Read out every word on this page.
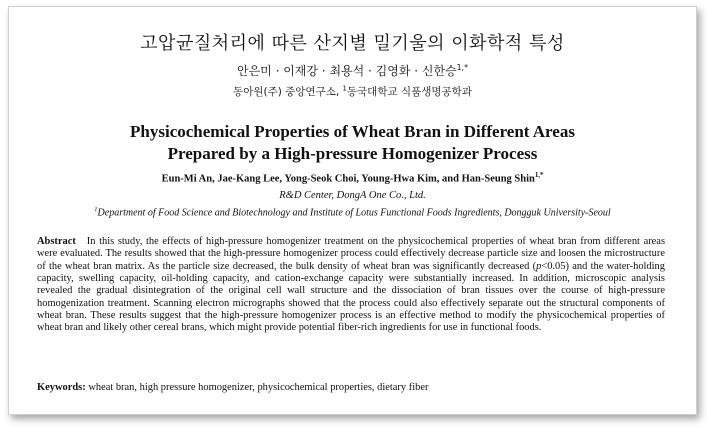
고압균질처리에 따른 산지별 밀기울의 이화학적 특성
안은미 · 이재강 · 최용석 · 김영화 · 신한승$^{1,*}$
동아원(주) 중앙연구소, $^1$동국대학교 식품생명공학과
Physicochemical Properties of Wheat Bran in Different Areas
Prepared by a High-pressure Homogenizer Process
Eun-Mi An, Jae-Kang Lee, Yong-Seok Choi, Young-Hwa Kim, and Han-Seung Shin$^{1,*}$
R&D Center, DongA One Co., Ltd.
$^1$Department of Food Science and Biotechnology and Institute of Lotus Functional Foods Ingredients, Dongguk University-Seoul
Abstract In this study, the effects of high-pressure homogenizer treatment on the physicochemical properties of wheat bran from different areas were evaluated. The results showed that the high-pressure homogenizer process could effectively decrease particle size and loosen the microstructure of the wheat bran matrix. As the particle size decreased, the bulk density of wheat bran was significantly decreased (p<0.05) and the water-holding capacity, swelling capacity, oil-holding capacity, and cation-exchange capacity were substantially increased. In addition, microscopic analysis revealed the gradual disintegration of the original cell wall structure and the dissociation of bran tissues over the course of high-pressure homogenization treatment. Scanning electron micrographs showed that the process could also effectively separate out the structural components of wheat bran. These results suggest that the high-pressure homogenizer process is an effective method to modify the physicochemical properties of wheat bran and likely other cereal brans, which might provide potential fiber-rich ingredients for use in functional foods.
Keywords: wheat bran, high pressure homogenizer, physicochemical properties, dietary fiber
